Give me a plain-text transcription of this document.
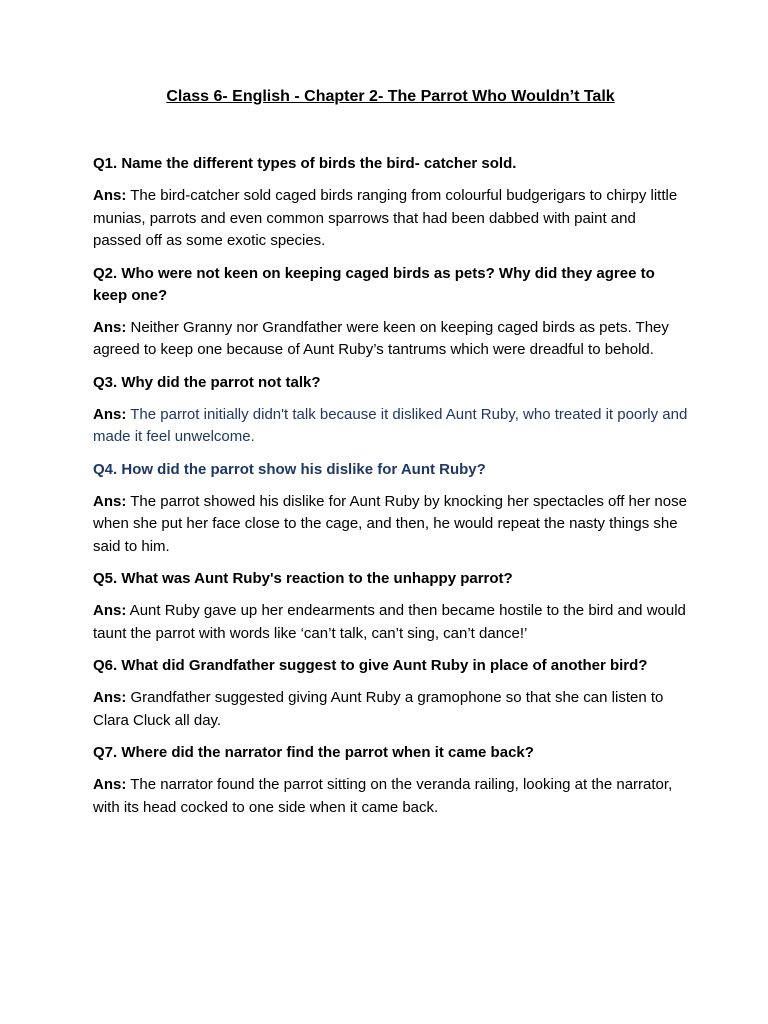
Class 6- English - Chapter 2- The Parrot Who Wouldn’t Talk
Q1. Name the different types of birds the bird- catcher sold.
Ans: The bird-catcher sold caged birds ranging from colourful budgerigars to chirpy little munias, parrots and even common sparrows that had been dabbed with paint and passed off as some exotic species.
Q2. Who were not keen on keeping caged birds as pets? Why did they agree to keep one?
Ans: Neither Granny nor Grandfather were keen on keeping caged birds as pets. They agreed to keep one because of Aunt Ruby’s tantrums which were dreadful to behold.
Q3. Why did the parrot not talk?
Ans: The parrot initially didn't talk because it disliked Aunt Ruby, who treated it poorly and made it feel unwelcome.
Q4. How did the parrot show his dislike for Aunt Ruby?
Ans: The parrot showed his dislike for Aunt Ruby by knocking her spectacles off her nose when she put her face close to the cage, and then, he would repeat the nasty things she said to him.
Q5. What was Aunt Ruby's reaction to the unhappy parrot?
Ans: Aunt Ruby gave up her endearments and then became hostile to the bird and would taunt the parrot with words like ‘can’t talk, can’t sing, can’t dance!’
Q6. What did Grandfather suggest to give Aunt Ruby in place of another bird?
Ans: Grandfather suggested giving Aunt Ruby a gramophone so that she can listen to Clara Cluck all day.
Q7. Where did the narrator find the parrot when it came back?
Ans: The narrator found the parrot sitting on the veranda railing, looking at the narrator, with its head cocked to one side when it came back.
